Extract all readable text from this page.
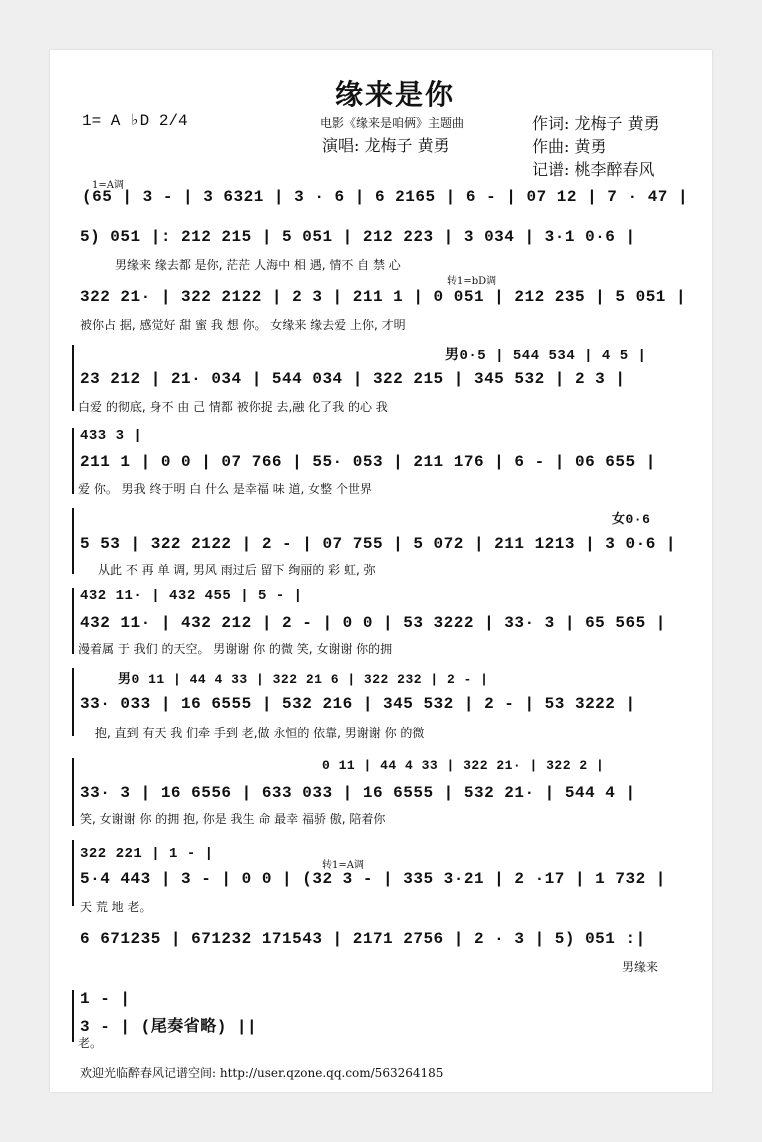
缘来是你
电影《缘来是咱俩》主题曲
1= A ♭D 2/4
演唱: 龙梅子 黄勇
作词: 龙梅子 黄勇
作曲: 黄勇
记谱: 桃李醉春风
1=A调
(65 | 3 - | 3 6321 | 3 · 6 | 6 2165 | 6 - | 07 12 | 7 · 47 |
5) 051 |: 212 215 | 5 051 | 212 223 | 3 034 | 3·1 0·6 |
男缘来 缘去都 是你, 茫茫 人海中 相 遇, 情不 自 禁 心
转1=bD调
322 21· | 322 2122 | 2 3 | 211 1 | 0 051 | 212 235 | 5 051 |
被你占 据, 感觉好 甜 蜜 我 想 你。 女缘来 缘去爱 上你, 才明
男0·5 | 544 534 | 4 5 |
23 212 | 21· 034 | 544 034 | 322 215 | 345 532 | 2 3 |
白爱 的彻底, 身不 由 己 情都 被你捉 去,融 化了我 的心 我
433 3 |
211 1 | 0 0 | 07 766 | 55· 053 | 211 176 | 6 - | 06 655 |
爱 你。 男我 终于明 白 什么 是幸福 味 道, 女整 个世界
女0·6
5 53 | 322 2122 | 2 - | 07 755 | 5 072 | 211 1213 | 3 0·6 |
从此 不 再 单 调, 男风 雨过后 留下 绚丽的 彩 虹, 弥
432 11· | 432 455 | 5 - |
432 11· | 432 212 | 2 - | 0 0 | 53 3222 | 33· 3 | 65 565 |
漫着属 于 我们 的天空。 男谢谢 你 的微 笑, 女谢谢 你的拥
男0 11 | 44 4 33 | 322 21 6 | 322 232 | 2 - |
33· 033 | 16 6555 | 532 216 | 345 532 | 2 - | 53 3222 |
抱, 直到 有天 我 们牵 手到 老,做 永恒的 依靠, 男谢谢 你 的微
0 11 | 44 4 33 | 322 21· | 322 2 |
33· 3 | 16 6556 | 633 033 | 16 6555 | 532 21· | 544 4 |
笑, 女谢谢 你 的拥 抱, 你是 我生 命 最幸 福骄 傲, 陪着你
转1=A调
322 221 | 1 - |
5·4 443 | 3 - | 0 0 | (32 3 - | 335 3·21 | 2 ·17 | 1 732 |
天 荒 地 老。
6 671235 | 671232 171543 | 2171 2756 | 2 · 3 | 5) 051 :|
男缘来
1 - |
3 - | (尾奏省略) ||
老。
欢迎光临醉春风记谱空间: http://user.qzone.qq.com/563264185
